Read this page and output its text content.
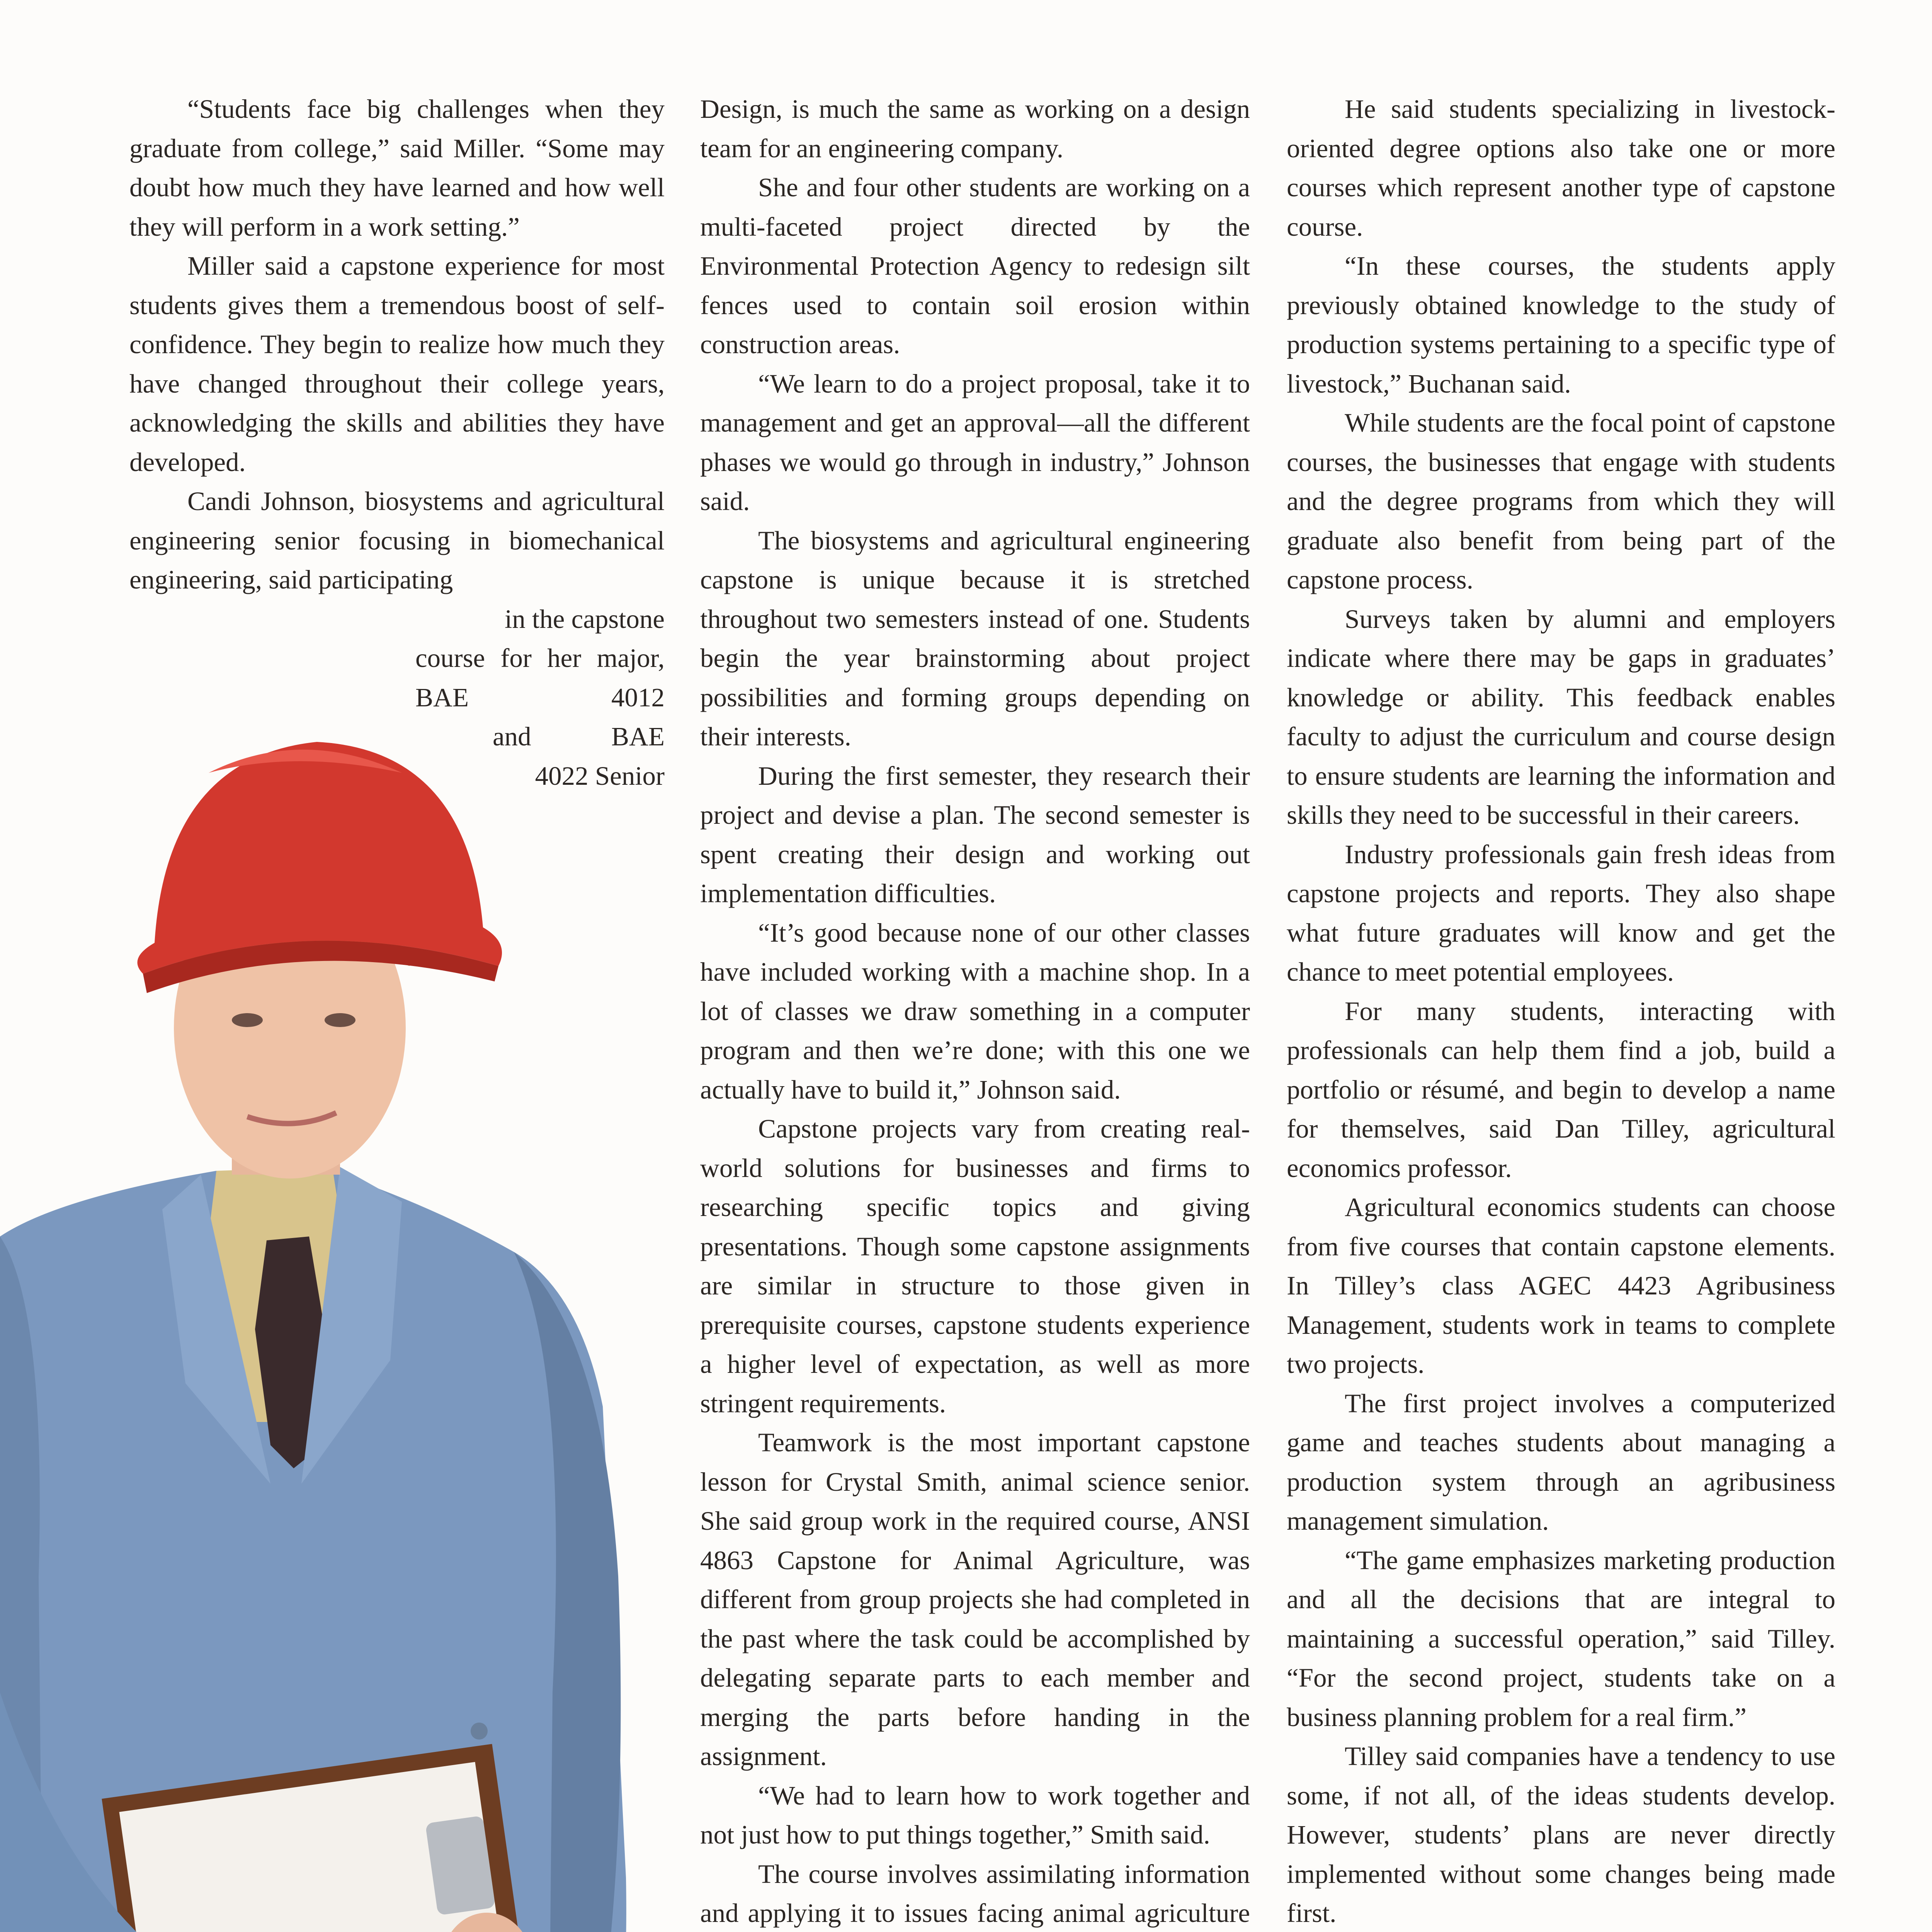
“Students face big challenges when they graduate from college,” said Miller. “Some may doubt how much they have learned and how well they will perform in a work setting.”

Miller said a capstone experience for most students gives them a tremendous boost of self-confidence. They begin to realize how much they have changed throughout their college years, acknowledging the skills and abilities they have developed.

Candi Johnson, biosystems and agricultural engineering senior focusing in biomechanical engineering, said participating

in the capstone
course for her major, BAE 4012
and BAE
4022 Senior

Design, is much the same as working on a design team for an engineering company.

She and four other students are working on a multi-faceted project directed by the Environmental Protection Agency to redesign silt fences used to contain soil erosion within construction areas.

“We learn to do a project proposal, take it to management and get an approval—all the different phases we would go through in industry,” Johnson said.

The biosystems and agricultural engineering capstone is unique because it is stretched throughout two semesters instead of one. Students begin the year brainstorming about project possibilities and forming groups depending on their interests.

During the first semester, they research their project and devise a plan. The second semester is spent creating their design and working out implementation difficulties.

“It’s good because none of our other classes have included working with a machine shop. In a lot of classes we draw something in a computer program and then we’re done; with this one we actually have to build it,” Johnson said.

Capstone projects vary from creating real-world solutions for businesses and firms to researching specific topics and giving presentations. Though some capstone assignments are similar in structure to those given in prerequisite courses, capstone students experience a higher level of expectation, as well as more stringent requirements.

Teamwork is the most important capstone lesson for Crystal Smith, animal science senior. She said group work in the required course, ANSI 4863 Capstone for Animal Agriculture, was different from group projects she had completed in the past where the task could be accomplished by delegating separate parts to each member and merging the parts before handing in the assignment.

“We had to learn how to work together and not just how to put things together,” Smith said.

The course involves assimilating information and applying it to issues facing animal agriculture

He said students specializing in livestock-oriented degree options also take one or more courses which represent another type of capstone course.

“In these courses, the students apply previously obtained knowledge to the study of production systems pertaining to a specific type of livestock,” Buchanan said.

While students are the focal point of capstone courses, the businesses that engage with students and the degree programs from which they will graduate also benefit from being part of the capstone process.

Surveys taken by alumni and employers indicate where there may be gaps in graduates’ knowledge or ability. This feedback enables faculty to adjust the curriculum and course design to ensure students are learning the information and skills they need to be successful in their careers.

Industry professionals gain fresh ideas from capstone projects and reports. They also shape what future graduates will know and get the chance to meet potential employees.

For many students, interacting with professionals can help them find a job, build a portfolio or résumé, and begin to develop a name for themselves, said Dan Tilley, agricultural economics professor.

Agricultural economics students can choose from five courses that contain capstone elements. In Tilley’s class AGEC 4423 Agribusiness Management, students work in teams to complete two projects.

The first project involves a computerized game and teaches students about managing a production system through an agribusiness management simulation.

“The game emphasizes marketing production and all the decisions that are integral to maintaining a successful operation,” said Tilley. “For the second project, students take on a business planning problem for a real firm.”

Tilley said companies have a tendency to use some, if not all, of the ideas students develop. However, students’ plans are never directly implemented without some changes being made first.
